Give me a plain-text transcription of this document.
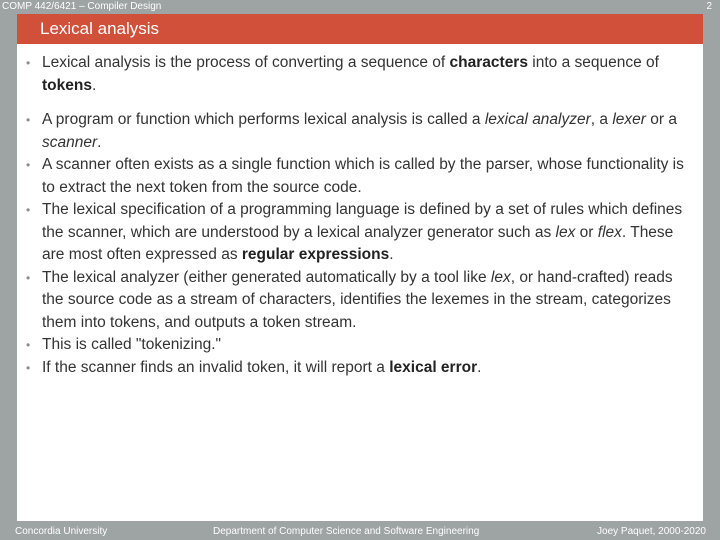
COMP 442/6421 – Compiler Design	2
Lexical analysis
• Lexical analysis is the process of converting a sequence of characters into a sequence of tokens.
• A program or function which performs lexical analysis is called a lexical analyzer, a lexer or a scanner.
• A scanner often exists as a single function which is called by the parser, whose functionality is to extract the next token from the source code.
• The lexical specification of a programming language is defined by a set of rules which defines the scanner, which are understood by a lexical analyzer generator such as lex or flex. These are most often expressed as regular expressions.
• The lexical analyzer (either generated automatically by a tool like lex, or hand-crafted) reads the source code as a stream of characters, identifies the lexemes in the stream, categorizes them into tokens, and outputs a token stream.
• This is called "tokenizing."
• If the scanner finds an invalid token, it will report a lexical error.
Concordia University	Department of Computer Science and Software Engineering	Joey Paquet, 2000-2020
